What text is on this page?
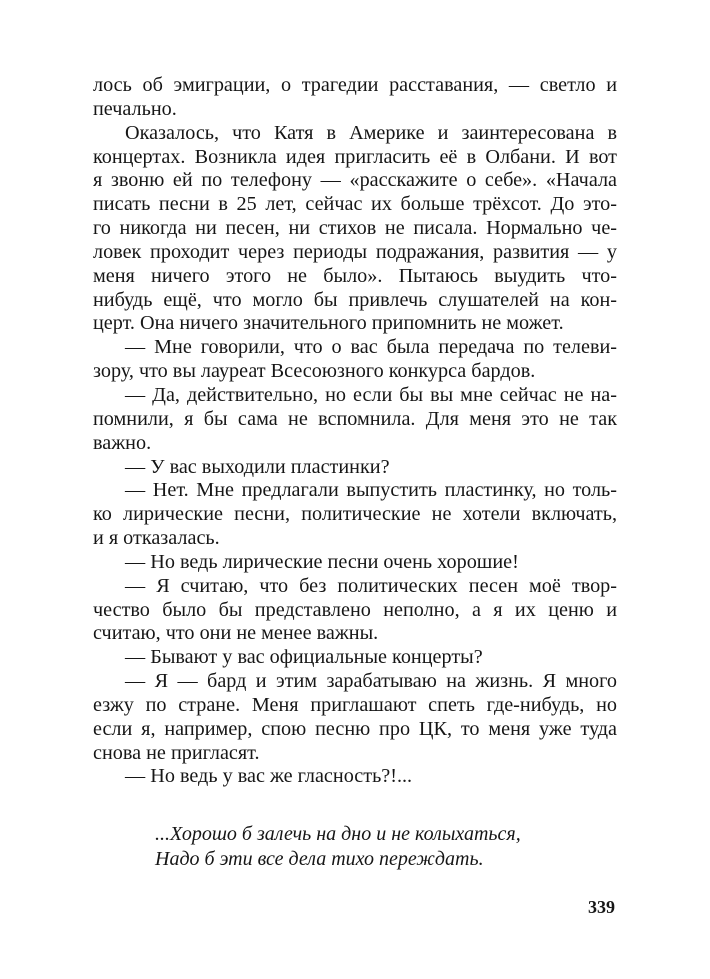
лось об эмиграции, о трагедии расставания, — светло и
печально.
Оказалось, что Катя в Америке и заинтересована в
концертах. Возникла идея пригласить её в Олбани. И вот
я звоню ей по телефону — «расскажите о себе». «Начала
писать песни в 25 лет, сейчас их больше трёхсот. До это-
го никогда ни песен, ни стихов не писала. Нормально че-
ловек проходит через периоды подражания, развития — у
меня ничего этого не было». Пытаюсь выудить что-
нибудь ещё, что могло бы привлечь слушателей на кон-
церт. Она ничего значительного припомнить не может.
— Мне говорили, что о вас была передача по телеви-
зору, что вы лауреат Всесоюзного конкурса бардов.
— Да, действительно, но если бы вы мне сейчас не на-
помнили, я бы сама не вспомнила. Для меня это не так
важно.
— У вас выходили пластинки?
— Нет. Мне предлагали выпустить пластинку, но толь-
ко лирические песни, политические не хотели включать,
и я отказалась.
— Но ведь лирические песни очень хорошие!
— Я считаю, что без политических песен моё твор-
чество было бы представлено неполно, а я их ценю и
считаю, что они не менее важны.
— Бывают у вас официальные концерты?
— Я — бард и этим зарабатываю на жизнь. Я много
езжу по стране. Меня приглашают спеть где-нибудь, но
если я, например, спою песню про ЦК, то меня уже туда
снова не пригласят.
— Но ведь у вас же гласность?!...
...Хорошо б залечь на дно и не колыхаться,
Надо б эти все дела тихо переждать.
339
